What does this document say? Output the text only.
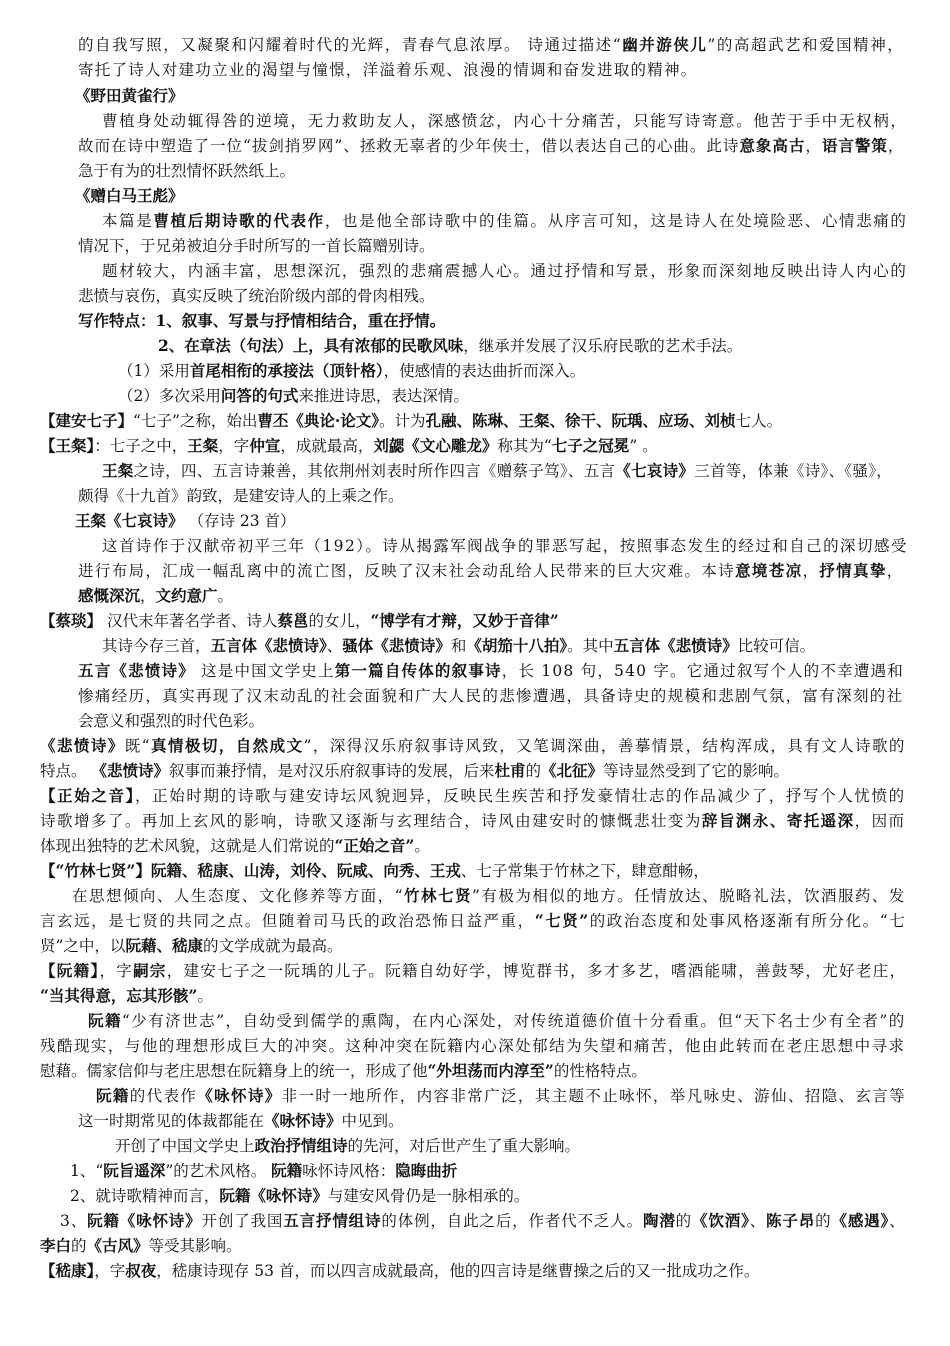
的自我写照，又凝聚和闪耀着时代的光辉，青春气息浓厚。 诗通过描述“幽并游侠儿”的高超武艺和爱国精神，
寄托了诗人对建功立业的渴望与憧憬，洋溢着乐观、浪漫的情调和奋发进取的精神。
《野田黄雀行》
曹植身处动辄得咎的逆境，无力救助友人，深感愤忿，内心十分痛苦，只能写诗寄意。他苦于手中无权柄，
故而在诗中塑造了一位“拔剑捎罗网”、拯救无辜者的少年侠士，借以表达自己的心曲。此诗意象高古，语言警策，
急于有为的壮烈情怀跃然纸上。
《赠白马王彪》
本篇是曹植后期诗歌的代表作，也是他全部诗歌中的佳篇。从序言可知，这是诗人在处境险恶、心情悲痛的
情况下，于兄弟被迫分手时所写的一首长篇赠别诗。
题材较大，内涵丰富，思想深沉，强烈的悲痛震撼人心。通过抒情和写景，形象而深刻地反映出诗人内心的
悲愤与哀伤，真实反映了统治阶级内部的骨肉相残。
写作特点：1、叙事、写景与抒情相结合，重在抒情。
2、在章法（句法）上，具有浓郁的民歌风味，继承并发展了汉乐府民歌的艺术手法。
（1）采用首尾相衔的承接法（顶针格），使感情的表达曲折而深入。
（2）多次采用问答的句式来推进诗思，表达深情。
【建安七子】“七子”之称，始出曹丕《典论·论文》。计为孔融、陈琳、王粲、徐干、阮瑀、应玚、刘桢七人。
【王粲】：七子之中，王粲，字仲宣，成就最高，刘勰《文心雕龙》称其为“七子之冠冕” 。
王粲之诗，四、五言诗兼善，其依荆州刘表时所作四言《赠蔡子笃》、五言《七哀诗》三首等，体兼《诗》、《骚》，
颇得《十九首》韵致，是建安诗人的上乘之作。
王粲《七哀诗》 （存诗 23 首）
这首诗作于汉献帝初平三年（192）。诗从揭露军阀战争的罪恶写起，按照事态发生的经过和自己的深切感受
进行布局，汇成一幅乱离中的流亡图，反映了汉末社会动乱给人民带来的巨大灾难。本诗意境苍凉，抒情真挚，
感慨深沉，文约意广。
【蔡琰】 汉代末年著名学者、诗人蔡邕的女儿，“博学有才辩，又妙于音律”
其诗今存三首，五言体《悲愤诗》、骚体《悲愤诗》和《胡笳十八拍》。其中五言体《悲愤诗》比较可信。
五言《悲愤诗》 这是中国文学史上第一篇自传体的叙事诗，长 108 句，540 字。它通过叙写个人的不幸遭遇和
惨痛经历，真实再现了汉末动乱的社会面貌和广大人民的悲惨遭遇，具备诗史的规模和悲剧气氛，富有深刻的社
会意义和强烈的时代色彩。
《悲愤诗》既“真情极切，自然成文”，深得汉乐府叙事诗风致，又笔调深曲，善摹情景，结构浑成，具有文人诗歌的
特点。 《悲愤诗》叙事而兼抒情，是对汉乐府叙事诗的发展，后来杜甫的《北征》等诗显然受到了它的影响。
【正始之音】，正始时期的诗歌与建安诗坛风貌迥异，反映民生疾苦和抒发豪情壮志的作品减少了，抒写个人忧愤的
诗歌增多了。再加上玄风的影响，诗歌又逐渐与玄理结合，诗风由建安时的慷慨悲壮变为辞旨渊永、寄托遥深，因而
体现出独特的艺术风貌，这就是人们常说的“正始之音”。
【“竹林七贤”】阮籍、嵇康、山涛，刘伶、阮咸、向秀、王戎、七子常集于竹林之下，肆意酣畅，
在思想倾向、人生态度、文化修养等方面，“竹林七贤”有极为相似的地方。任情放达、脱略礼法，饮酒服药、发
言玄远，是七贤的共同之点。但随着司马氏的政治恐怖日益严重，“七贤”的政治态度和处事风格逐渐有所分化。“七
贤”之中，以阮藉、嵇康的文学成就为最高。
【阮籍】，字嗣宗，建安七子之一阮瑀的儿子。阮籍自幼好学，博览群书，多才多艺，嗜酒能啸，善鼓琴，尤好老庄，
“当其得意，忘其形骸”。
阮籍“少有济世志”，自幼受到儒学的熏陶，在内心深处，对传统道德价值十分看重。但“天下名士少有全者”的
残酷现实，与他的理想形成巨大的冲突。这种冲突在阮籍内心深处郁结为失望和痛苦，他由此转而在老庄思想中寻求
慰藉。儒家信仰与老庄思想在阮籍身上的统一，形成了他“外坦荡而内淳至”的性格特点。
阮籍的代表作《咏怀诗》非一时一地所作，内容非常广泛，其主题不止咏怀，举凡咏史、游仙、招隐、玄言等
这一时期常见的体裁都能在《咏怀诗》中见到。
开创了中国文学史上政治抒情组诗的先河，对后世产生了重大影响。
1、“阮旨遥深”的艺术风格。 阮籍咏怀诗风格：隐晦曲折
2、就诗歌精神而言，阮籍《咏怀诗》与建安风骨仍是一脉相承的。
3、阮籍《咏怀诗》开创了我国五言抒情组诗的体例，自此之后，作者代不乏人。陶潜的《饮酒》、陈子昂的《感遇》、
李白的《古风》等受其影响。
【嵇康】，字叔夜，嵇康诗现存 53 首，而以四言成就最高，他的四言诗是继曹操之后的又一批成功之作。
